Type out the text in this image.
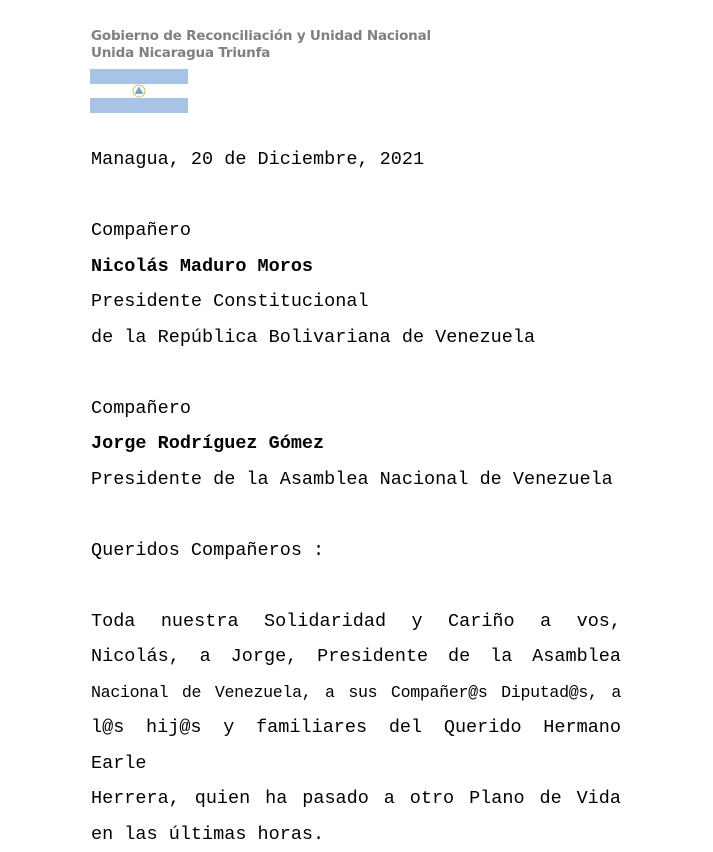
Gobierno de Reconciliación y Unidad Nacional
Unida Nicaragua Triunfa
Managua, 20 de Diciembre, 2021
Compañero
Nicolás Maduro Moros
Presidente Constitucional
de la República Bolivariana de Venezuela
Compañero
Jorge Rodríguez Gómez
Presidente de la Asamblea Nacional de Venezuela
Queridos Compañeros :
Toda nuestra Solidaridad y Cariño a vos,
Nicolás, a Jorge, Presidente de la Asamblea
Nacional de Venezuela, a sus Compañer@s Diputad@s, a
l@s hij@s y familiares del Querido Hermano Earle
Herrera, quien ha pasado a otro Plano de Vida
en las últimas horas.
